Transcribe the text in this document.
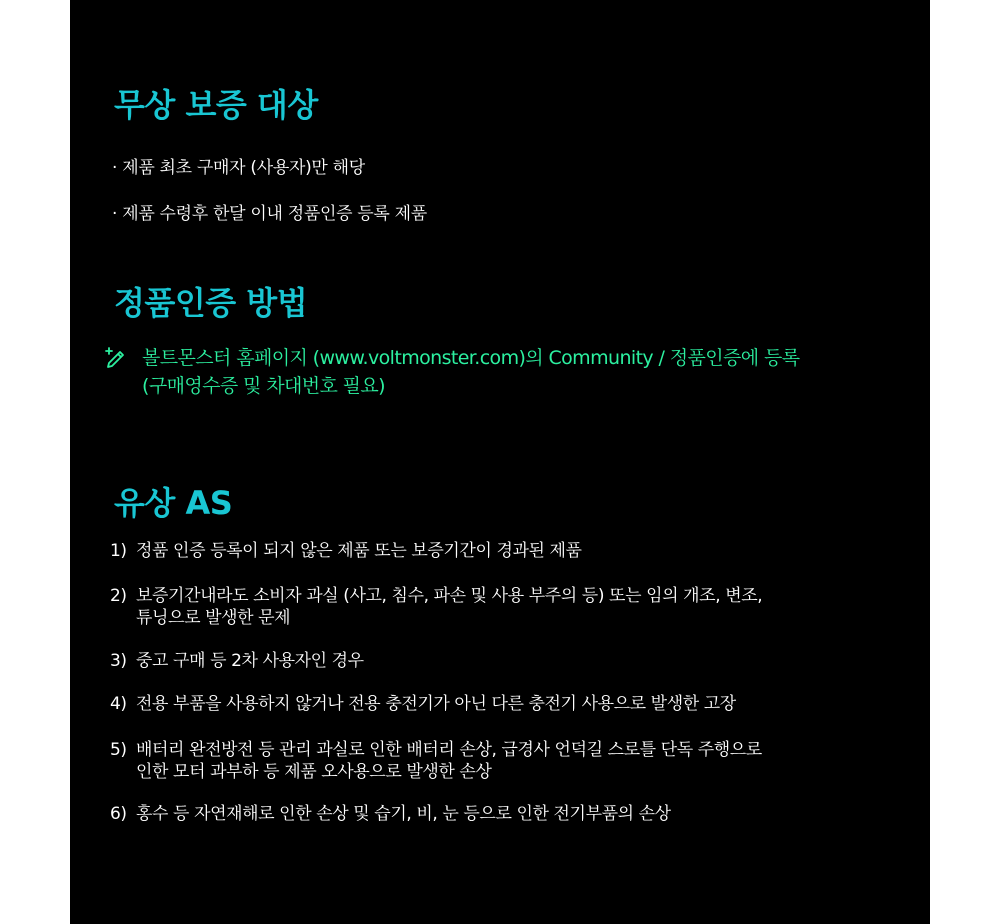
무상 보증 대상

· 제품 최초 구매자 (사용자)만 해당

· 제품 수령후 한달 이내 정품인증 등록 제품

정품인증 방법
볼트몬스터 홈페이지 (www.voltmonster.com)의 Community / 정품인증에 등록
(구매영수증 및 차대번호 필요)
유상 AS
1) 정품 인증 등록이 되지 않은 제품 또는 보증기간이 경과된 제품
2) 보증기간내라도 소비자 과실 (사고, 침수, 파손 및 사용 부주의 등) 또는 임의 개조, 변조,
튜닝으로 발생한 문제
3) 중고 구매 등 2차 사용자인 경우
4) 전용 부품을 사용하지 않거나 전용 충전기가 아닌 다른 충전기 사용으로 발생한 고장
5) 배터리 완전방전 등 관리 과실로 인한 배터리 손상, 급경사 언덕길 스로틀 단독 주행으로
인한 모터 과부하 등 제품 오사용으로 발생한 손상
6) 홍수 등 자연재해로 인한 손상 및 습기, 비, 눈 등으로 인한 전기부품의 손상
